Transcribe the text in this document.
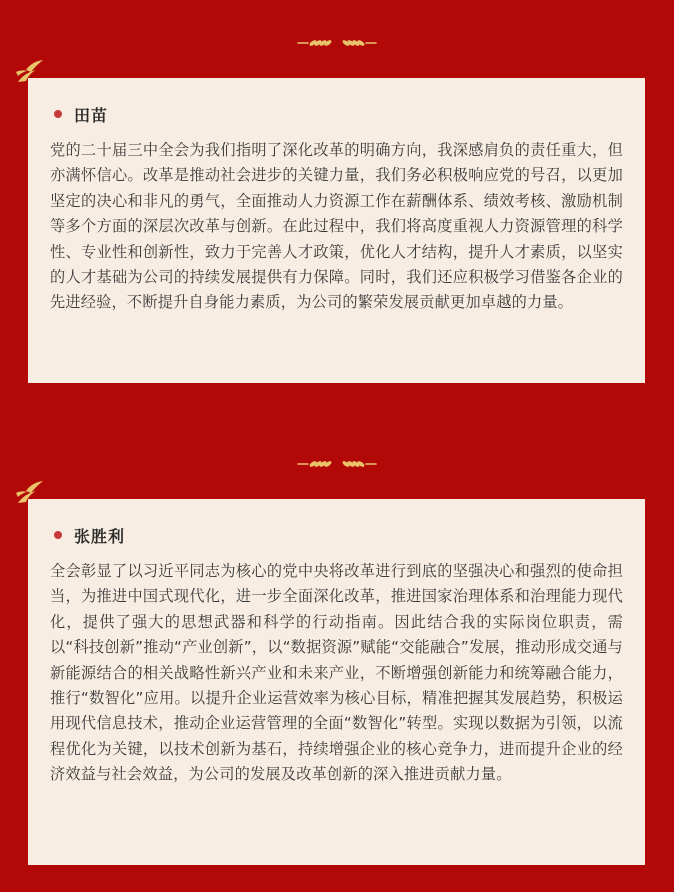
田苗

党的二十届三中全会为我们指明了深化改革的明确方向，我深感肩负的责任重大，但亦满怀信心。改革是推动社会进步的关键力量，我们务必积极响应党的号召，以更加坚定的决心和非凡的勇气，全面推动人力资源工作在薪酬体系、绩效考核、激励机制等多个方面的深层次改革与创新。在此过程中，我们将高度重视人力资源管理的科学性、专业性和创新性，致力于完善人才政策，优化人才结构，提升人才素质，以坚实的人才基础为公司的持续发展提供有力保障。同时，我们还应积极学习借鉴各企业的先进经验，不断提升自身能力素质，为公司的繁荣发展贡献更加卓越的力量。

张胜利

全会彰显了以习近平同志为核心的党中央将改革进行到底的坚强决心和强烈的使命担当，为推进中国式现代化，进一步全面深化改革，推进国家治理体系和治理能力现代化，提供了强大的思想武器和科学的行动指南。因此结合我的实际岗位职责，需以“科技创新”推动“产业创新”，以“数据资源”赋能“交能融合”发展，推动形成交通与新能源结合的相关战略性新兴产业和未来产业，不断增强创新能力和统筹融合能力，推行“数智化”应用。以提升企业运营效率为核心目标，精准把握其发展趋势，积极运用现代信息技术，推动企业运营管理的全面“数智化”转型。实现以数据为引领，以流程优化为关键，以技术创新为基石，持续增强企业的核心竞争力，进而提升企业的经济效益与社会效益，为公司的发展及改革创新的深入推进贡献力量。
